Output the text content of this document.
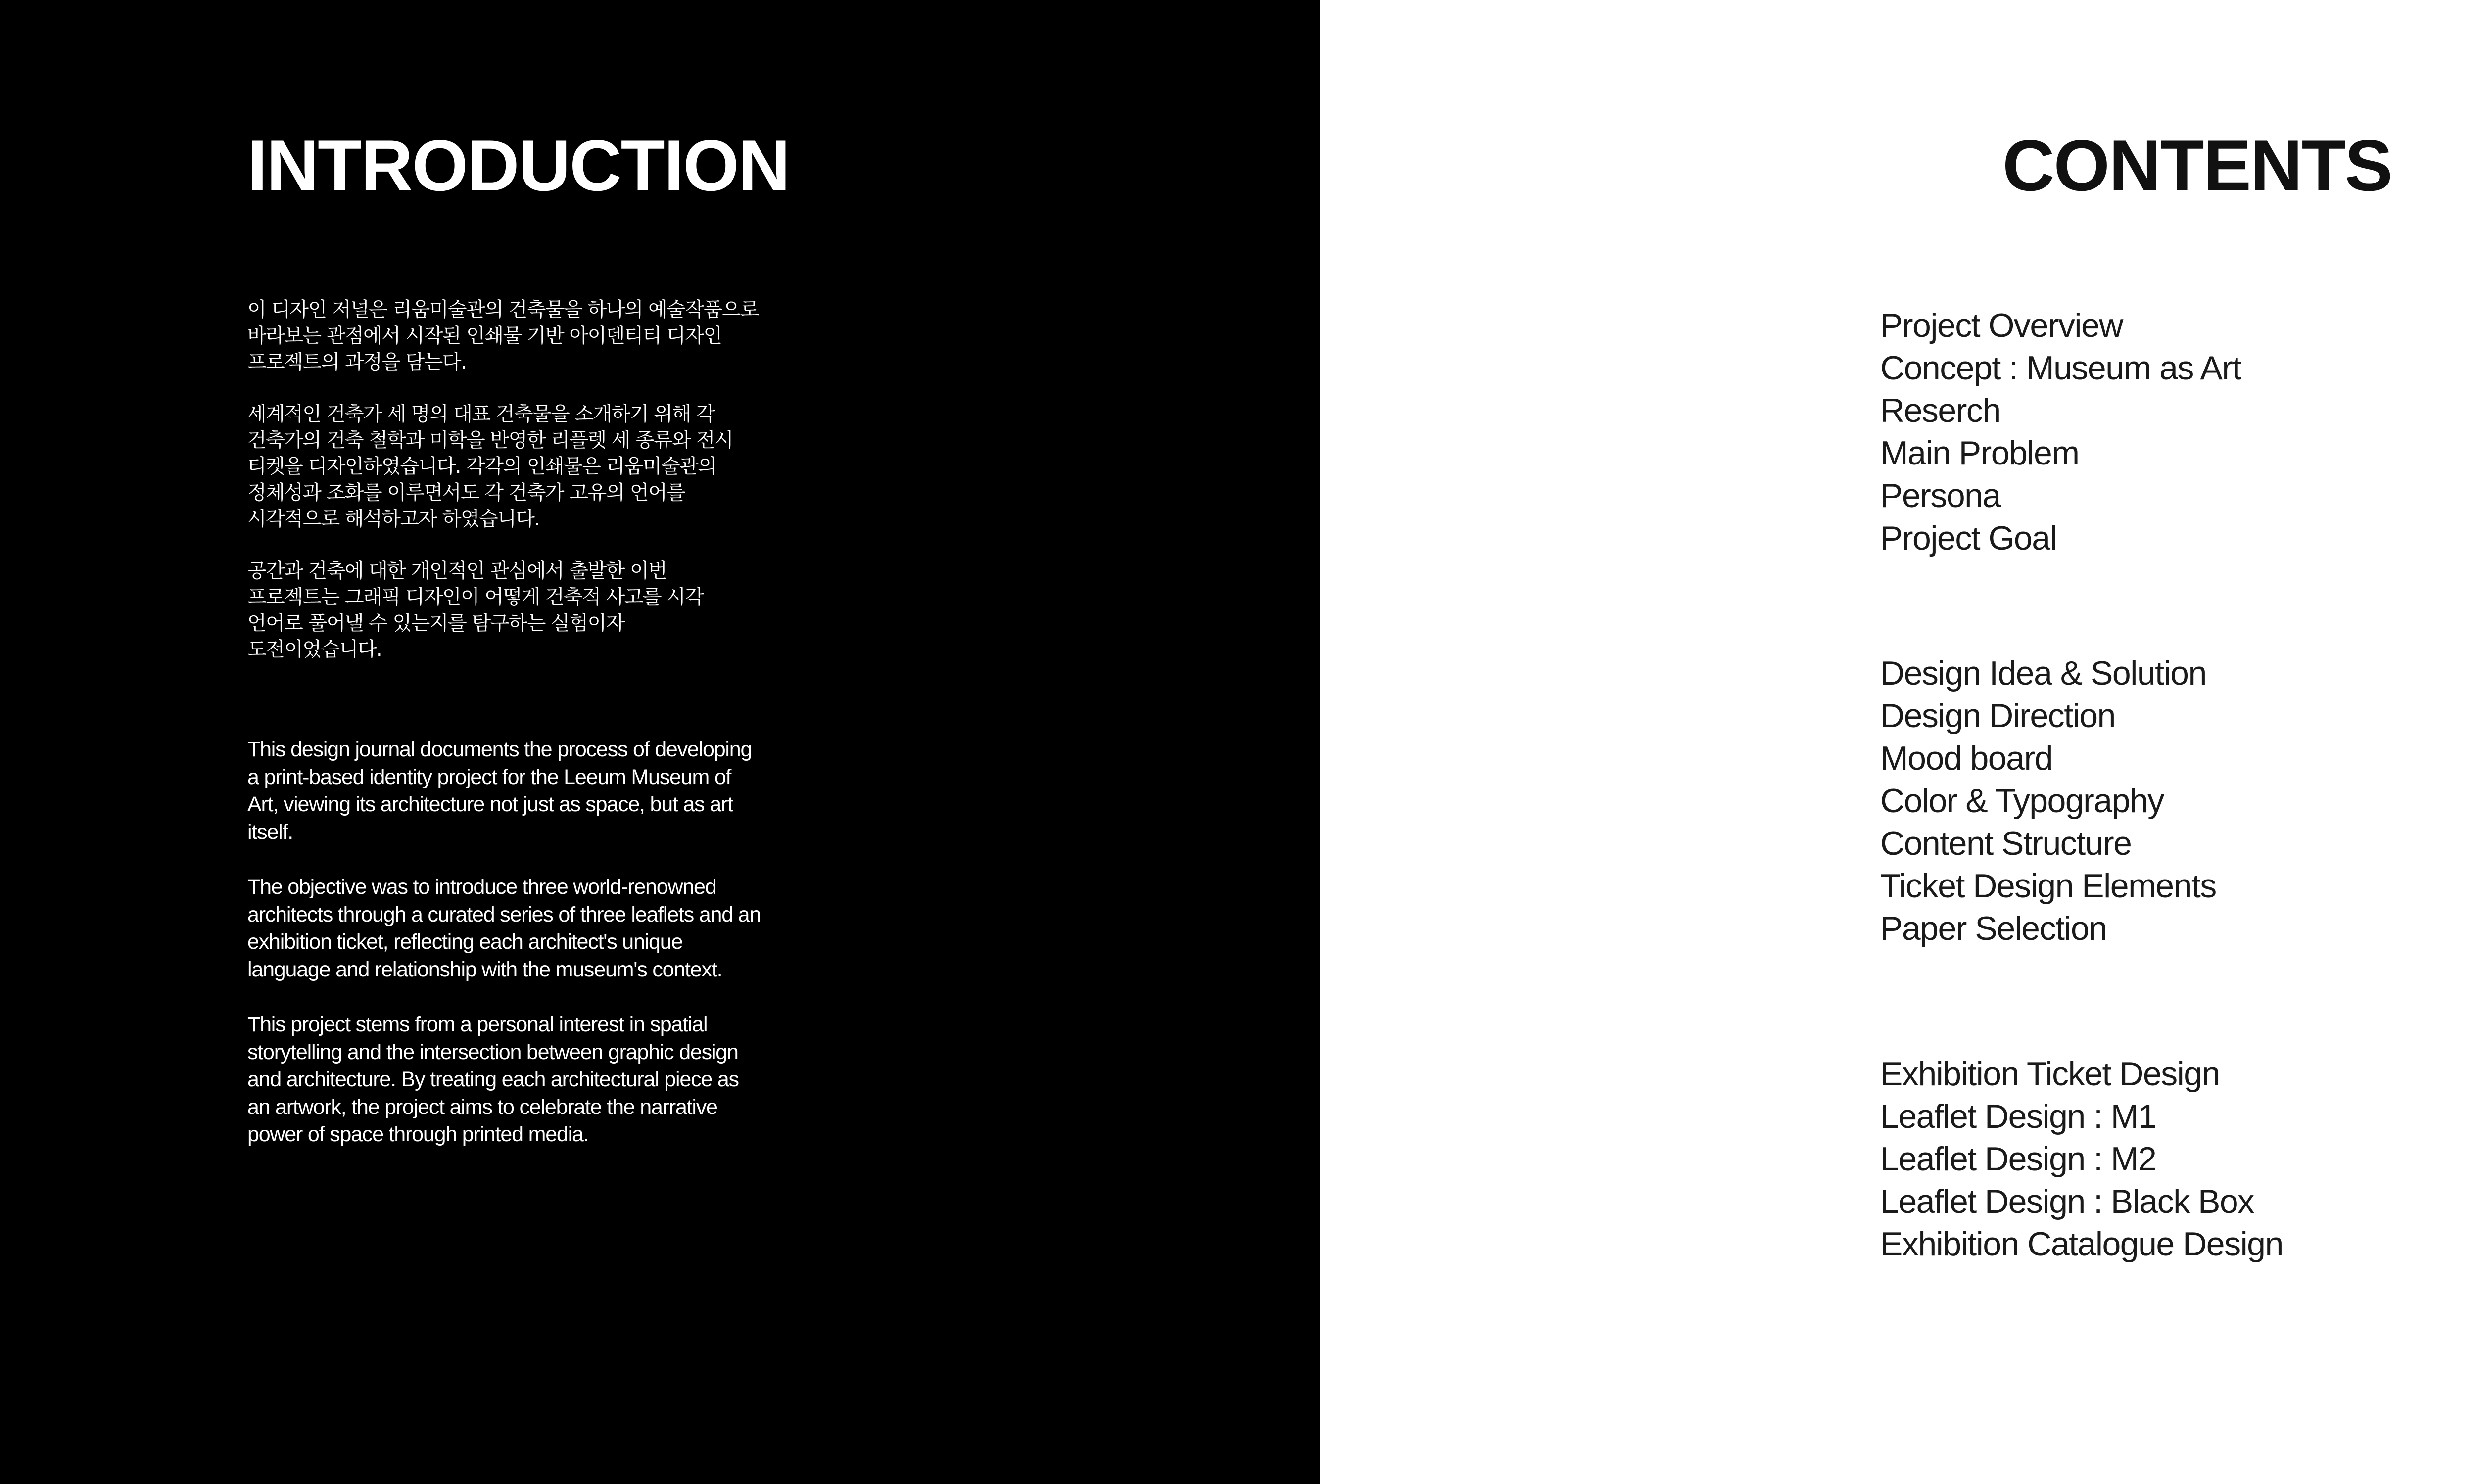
INTRODUCTION

이 디자인 저널은 리움미술관의 건축물을 하나의 예술작품으로 바라보는 관점에서 시작된 인쇄물 기반 아이덴티티 디자인 프로젝트의 과정을 담는다.

세계적인 건축가 세 명의 대표 건축물을 소개하기 위해 각 건축가의 건축 철학과 미학을 반영한 리플렛 세 종류와 전시 티켓을 디자인하였습니다. 각각의 인쇄물은 리움미술관의 정체성과 조화를 이루면서도 각 건축가 고유의 언어를 시각적으로 해석하고자 하였습니다.

공간과 건축에 대한 개인적인 관심에서 출발한 이번 프로젝트는 그래픽 디자인이 어떻게 건축적 사고를 시각 언어로 풀어낼 수 있는지를 탐구하는 실험이자 도전이었습니다.

This design journal documents the process of developing a print-based identity project for the Leeum Museum of Art, viewing its architecture not just as space, but as art itself.

The objective was to introduce three world-renowned architects through a curated series of three leaflets and an exhibition ticket, reflecting each architect's unique language and relationship with the museum's context.

This project stems from a personal interest in spatial storytelling and the intersection between graphic design and architecture. By treating each architectural piece as an artwork, the project aims to celebrate the narrative power of space through printed media.

CONTENTS
Project Overview
Concept : Museum as Art
Reserch
Main Problem
Persona
Project Goal
Design Idea & Solution
Design Direction
Mood board
Color & Typography
Content Structure
Ticket Design Elements
Paper Selection
Exhibition Ticket Design
Leaflet Design : M1
Leaflet Design : M2
Leaflet Design : Black Box
Exhibition Catalogue Design
